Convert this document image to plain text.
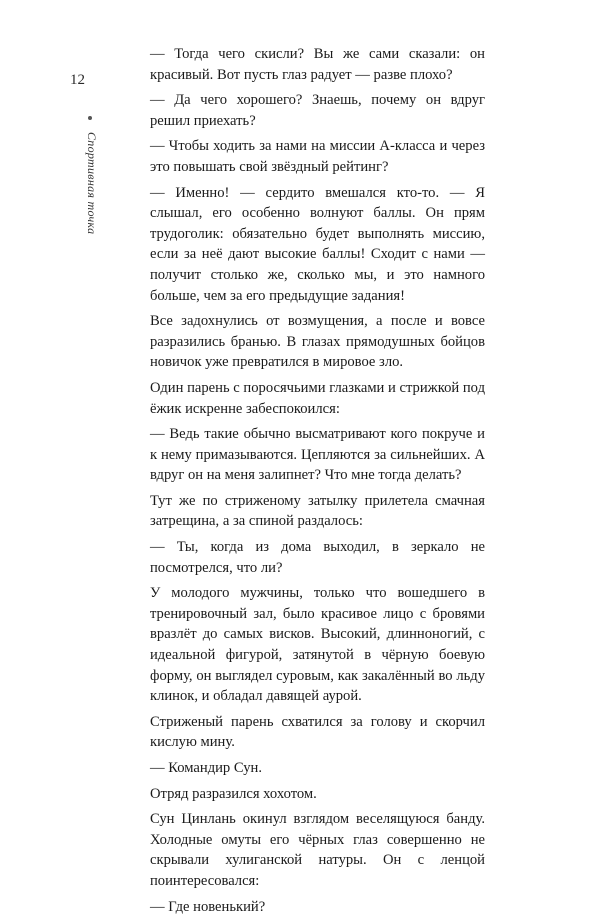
12
Спортивная точка

— Тогда чего скисли? Вы же сами сказали: он красивый. Вот пусть глаз радует — разве плохо?

— Да чего хорошего? Знаешь, почему он вдруг решил приехать?

— Чтобы ходить за нами на миссии А-класса и через это повышать свой звёздный рейтинг?

— Именно! — сердито вмешался кто-то. — Я слышал, его особенно волнуют баллы. Он прям трудоголик: обязательно будет выполнять миссию, если за неё дают высокие баллы! Сходит с нами — получит столько же, сколько мы, и это намного больше, чем за его предыдущие задания!

Все задохнулись от возмущения, а после и вовсе разразились бранью. В глазах прямодушных бойцов новичок уже превратился в мировое зло.

Один парень с поросячьими глазками и стрижкой под ёжик искренне забеспокоился:

— Ведь такие обычно высматривают кого покруче и к нему примазываются. Цепляются за сильнейших. А вдруг он на меня залипнет? Что мне тогда делать?

Тут же по стриженому затылку прилетела смачная затрещина, а за спиной раздалось:

— Ты, когда из дома выходил, в зеркало не посмотрелся, что ли?

У молодого мужчины, только что вошедшего в тренировочный зал, было красивое лицо с бровями вразлёт до самых висков. Высокий, длинноногий, с идеальной фигурой, затянутой в чёрную боевую форму, он выглядел суровым, как закалённый во льду клинок, и обладал давящей аурой.

Стриженый парень схватился за голову и скорчил кислую мину.

— Командир Сун.

Отряд разразился хохотом.

Сун Цинлань окинул взглядом веселящуюся банду. Холодные омуты его чёрных глаз совершенно не скрывали хулиганской натуры. Он с ленцой поинтересовался:

— Где новенький?
